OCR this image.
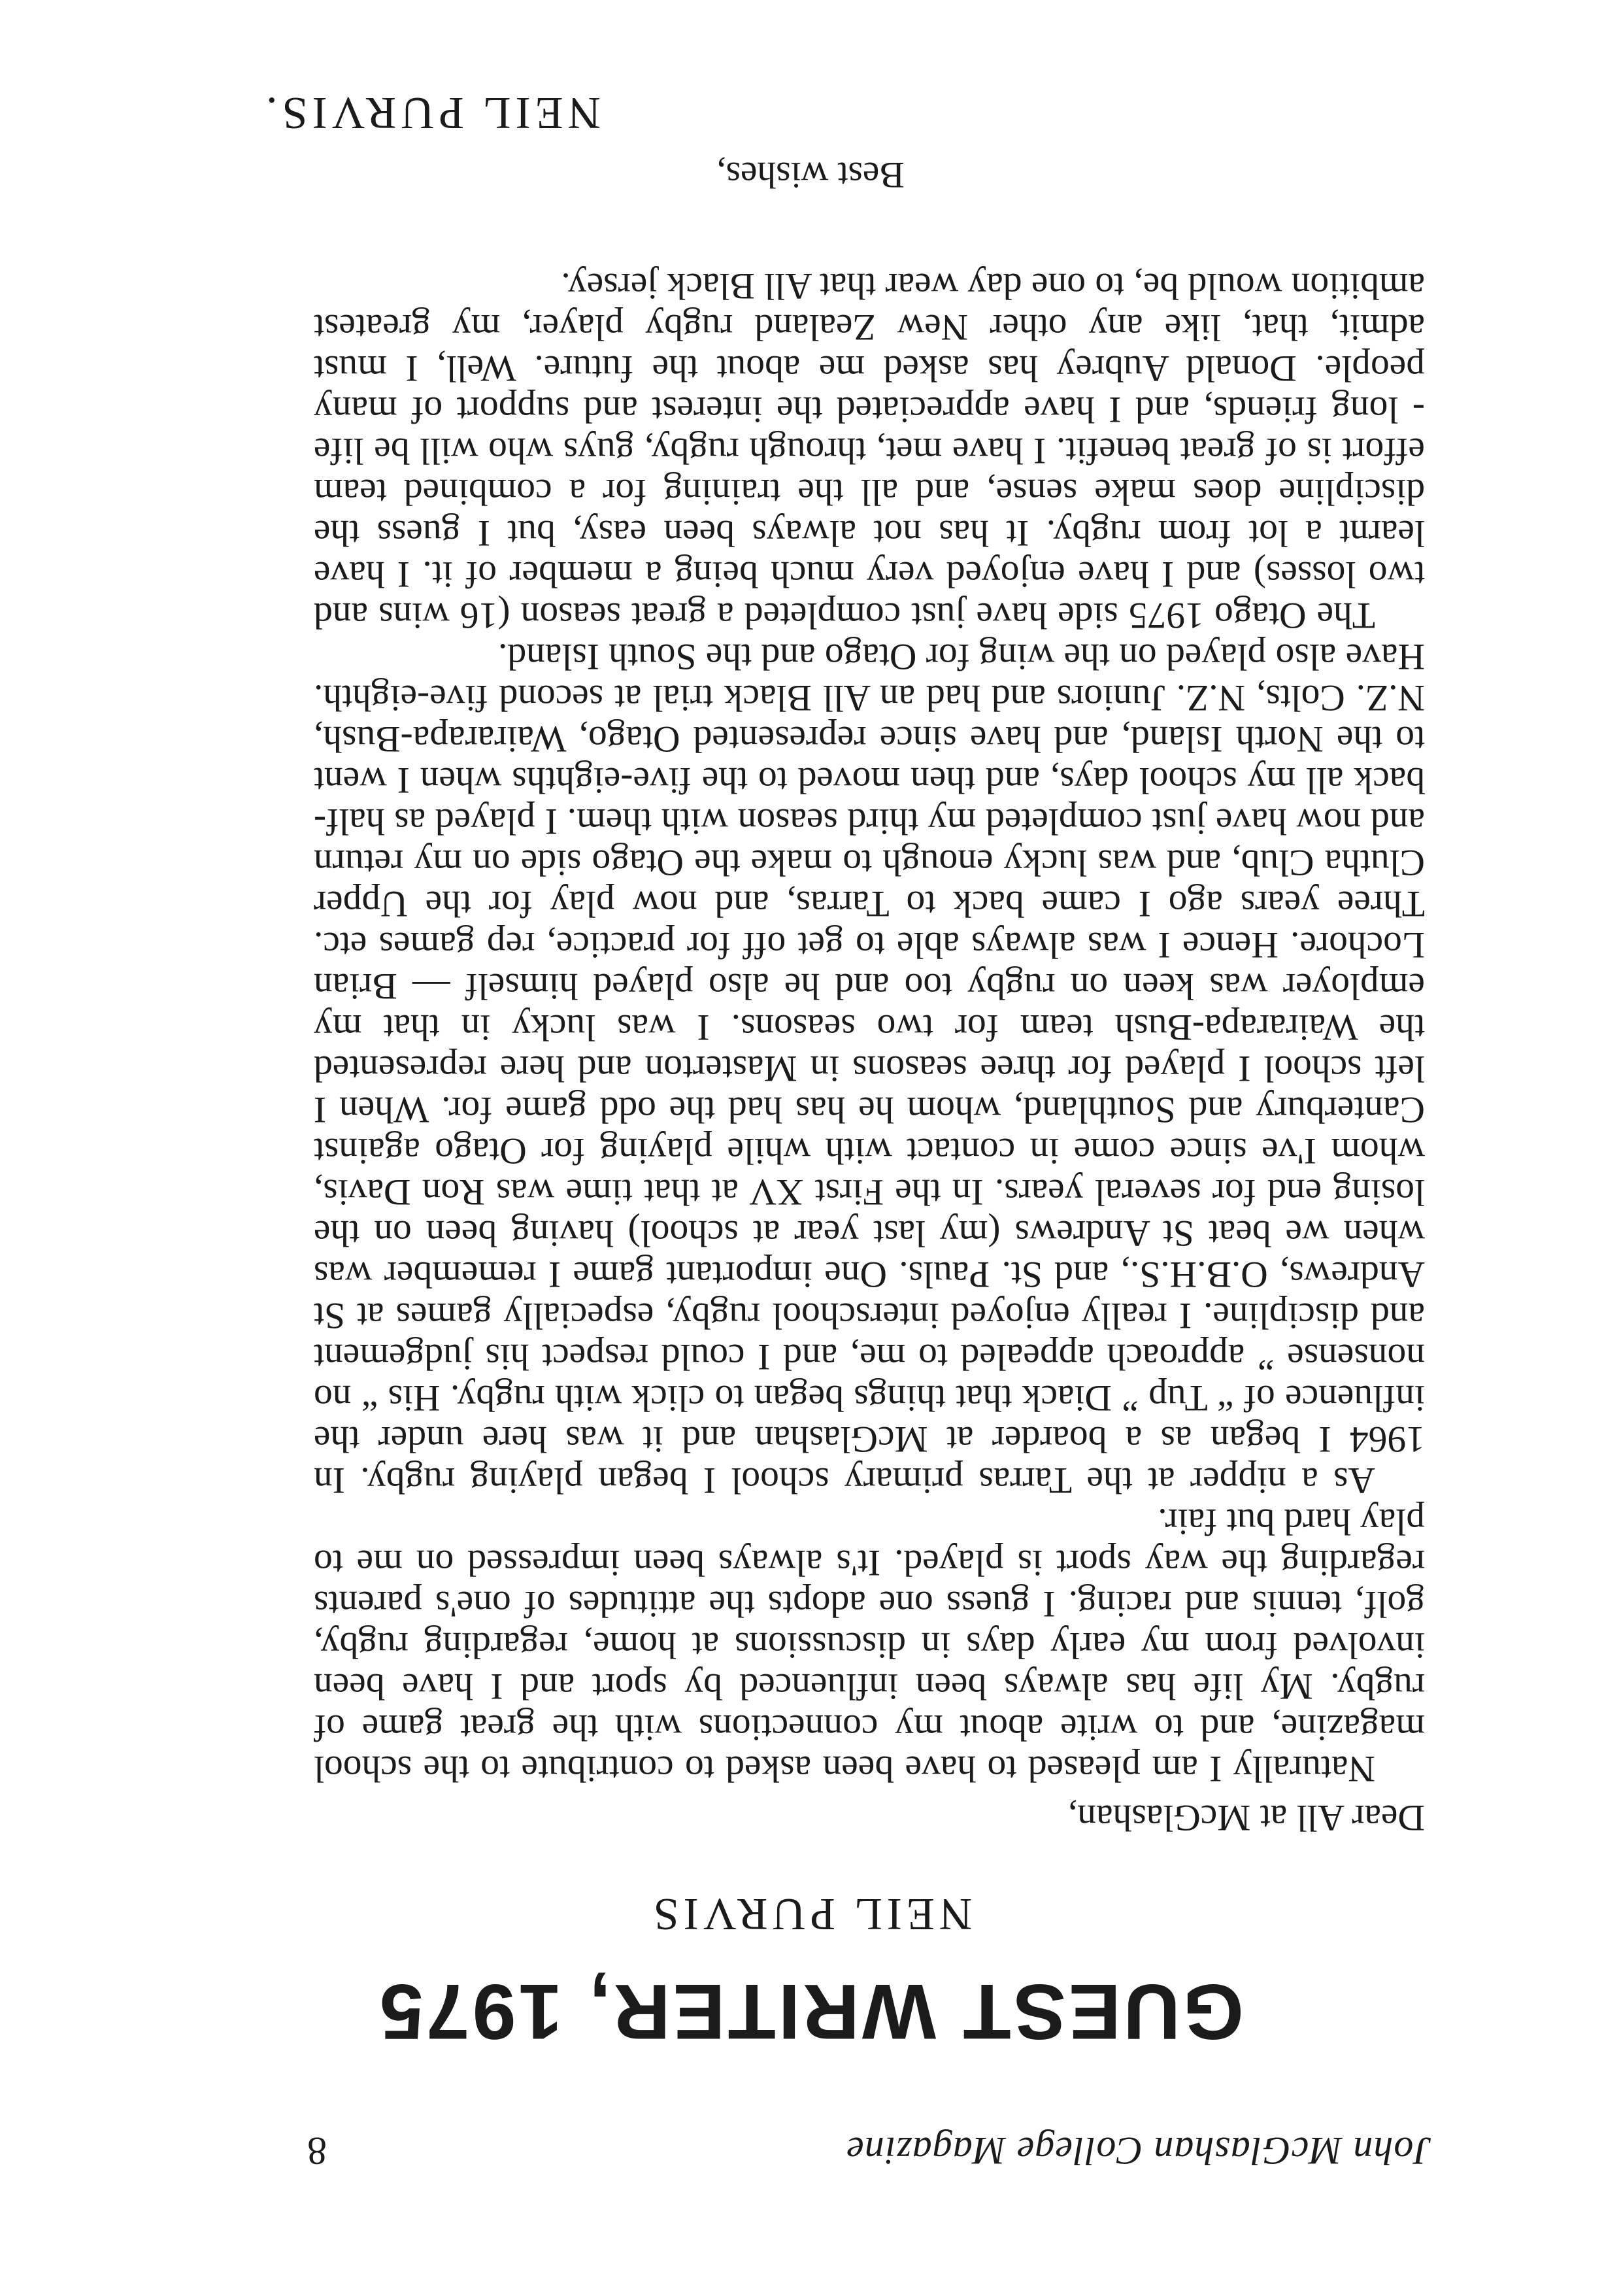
John McGlashan College Magazine
8
GUEST WRITER, 1975
NEIL PURVIS

Dear All at McGlashan,

Naturally I am pleased to have been asked to contribute to the school magazine, and to write about my connections with the great game of rugby. My life has always been influenced by sport and I have been involved from my early days in discussions at home, regarding rugby, golf, tennis and racing. I guess one adopts the attitudes of one's parents regarding the way sport is played. It's always been impressed on me to play hard but fair.

As a nipper at the Tarras primary school I began playing rugby. In 1964 I began as a boarder at McGlashan and it was here under the influence of “ Tup ” Diack that things began to click with rugby. His “ no nonsense ” approach appealed to me, and I could respect his judgement and discipline. I really enjoyed interschool rugby, especially games at St Andrews, O.B.H.S., and St. Pauls. One important game I remember was when we beat St Andrews (my last year at school) having been on the losing end for several years. In the First XV at that time was Ron Davis, whom I've since come in contact with while playing for Otago against Canterbury and Southland, whom he has had the odd game for. When I left school I played for three seasons in Masterton and here represented the Wairarapa-Bush team for two seasons. I was lucky in that my employer was keen on rugby too and he also played himself — Brian Lochore. Hence I was always able to get off for practice, rep games etc. Three years ago I came back to Tarras, and now play for the Upper Clutha Club, and was lucky enough to make the Otago side on my return and now have just completed my third season with them. I played as half-back all my school days, and then moved to the five-eighths when I went to the North Island, and have since represented Otago, Wairarapa-Bush, N.Z. Colts, N.Z. Juniors and had an All Black trial at second five-eighth. Have also played on the wing for Otago and the South Island.

The Otago 1975 side have just completed a great season (16 wins and two losses) and I have enjoyed very much being a member of it. I have learnt a lot from rugby. It has not always been easy, but I guess the discipline does make sense, and all the training for a combined team effort is of great benefit. I have met, through rugby, guys who will be life - long friends, and I have appreciated the interest and support of many people. Donald Aubrey has asked me about the future. Well, I must admit, that, like any other New Zealand rugby player, my greatest ambition would be, to one day wear that All Black jersey.

Best wishes,
NEIL PURVIS.
